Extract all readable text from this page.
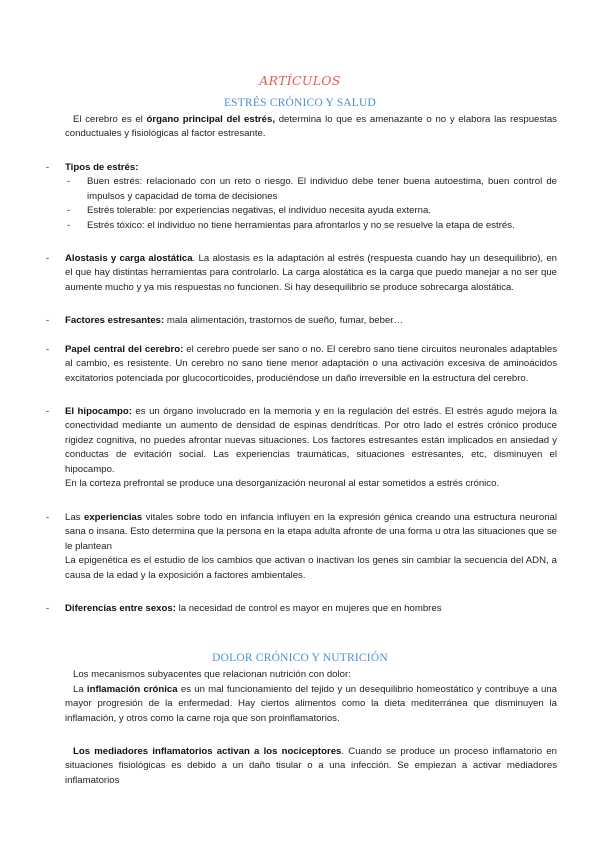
ARTÍCULOS
ESTRÉS CRÓNICO Y SALUD

El cerebro es el órgano principal del estrés, determina lo que es amenazante o no y elabora las respuestas conductuales y fisiológicas al factor estresante.

- Tipos de estrés:
- Buen estrés: relacionado con un reto o riesgo. El individuo debe tener buena autoestima, buen control de impulsos y capacidad de toma de decisiones
- Estrés tolerable: por experiencias negativas, el individuo necesita ayuda externa.
- Estrés tóxico: el individuo no tiene herramientas para afrontarlos y no se resuelve la etapa de estrés.
- Alostasis y carga alostática. La alostasis es la adaptación al estrés (respuesta cuando hay un desequilibrio), en el que hay distintas herramientas para controlarlo. La carga alostática es la carga que puedo manejar a no ser que aumente mucho y ya mis respuestas no funcionen. Si hay desequilibrio se produce sobrecarga alostática.
- Factores estresantes: mala alimentación, trastornos de sueño, fumar, beber…
- Papel central del cerebro: el cerebro puede ser sano o no. El cerebro sano tiene circuitos neuronales adaptables al cambio, es resistente. Un cerebro no sano tiene menor adaptación o una activación excesiva de aminoácidos excitatorios potenciada por glucocorticoides, produciéndose un daño irreversible en la estructura del cerebro.
- El hipocampo: es un órgano involucrado en la memoria y en la regulación del estrés. El estrés agudo mejora la conectividad mediante un aumento de densidad de espinas dendríticas. Por otro lado el estrés crónico produce rigidez cognitiva, no puedes afrontar nuevas situaciones. Los factores estresantes están implicados en ansiedad y conductas de evitación social. Las experiencias traumáticas, situaciones estresantes, etc, disminuyen el hipocampo.
En la corteza prefrontal se produce una desorganización neuronal al estar sometidos a estrés crónico.
- Las experiencias vitales sobre todo en infancia influyen en la expresión génica creando una estructura neuronal sana o insana. Esto determina que la persona en la etapa adulta afronte de una forma u otra las situaciones que se le plantean
La epigenética es el estudio de los cambios que activan o inactivan los genes sin cambiar la secuencia del ADN, a causa de la edad y la exposición a factores ambientales.
- Diferencias entre sexos: la necesidad de control es mayor en mujeres que en hombres
DOLOR CRÓNICO Y NUTRICIÓN

Los mecanismos subyacentes que relacionan nutrición con dolor:

La inflamación crónica es un mal funcionamiento del tejido y un desequilibrio homeostático y contribuye a una mayor progresión de la enfermedad. Hay ciertos alimentos como la dieta mediterránea que disminuyen la inflamación, y otros como la carne roja que son proinflamatorios.

Los mediadores inflamatorios activan a los nociceptores. Cuando se produce un proceso inflamatorio en situaciones fisiológicas es debido a un daño tisular o a una infección. Se empiezan a activar mediadores inflamatorios
